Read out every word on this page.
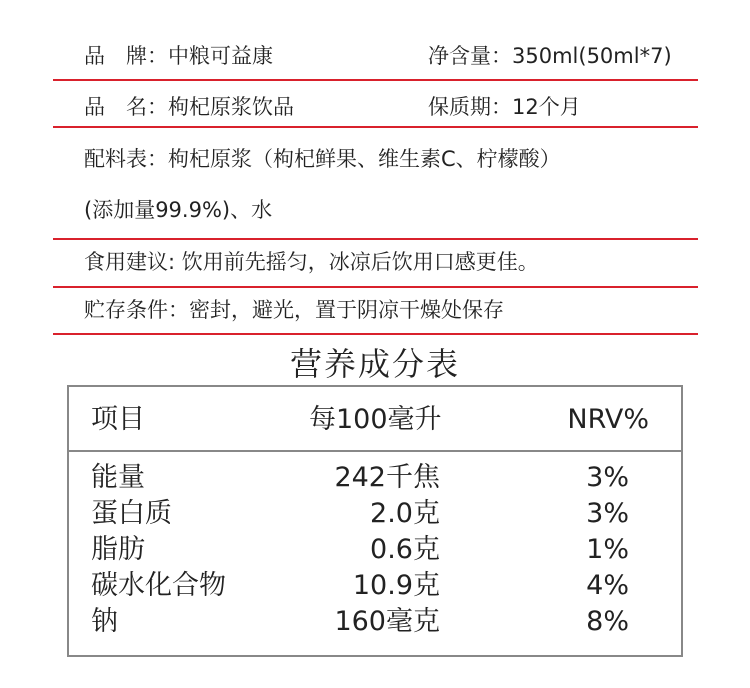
品　牌：中粮可益康	净含量：350ml(50ml*7)
品　名：枸杞原浆饮品	保质期：12个月
配料表：枸杞原浆（枸杞鲜果、维生素C、柠檬酸）
(添加量99.9%)、水
食用建议: 饮用前先摇匀，冰凉后饮用口感更佳。
贮存条件：密封，避光，置于阴凉干燥处保存
营养成分表
项目	每100毫升	NRV%
能量	242千焦	3%
蛋白质	2.0克	3%
脂肪	0.6克	1%
碳水化合物	10.9克	4%
钠	160毫克	8%
